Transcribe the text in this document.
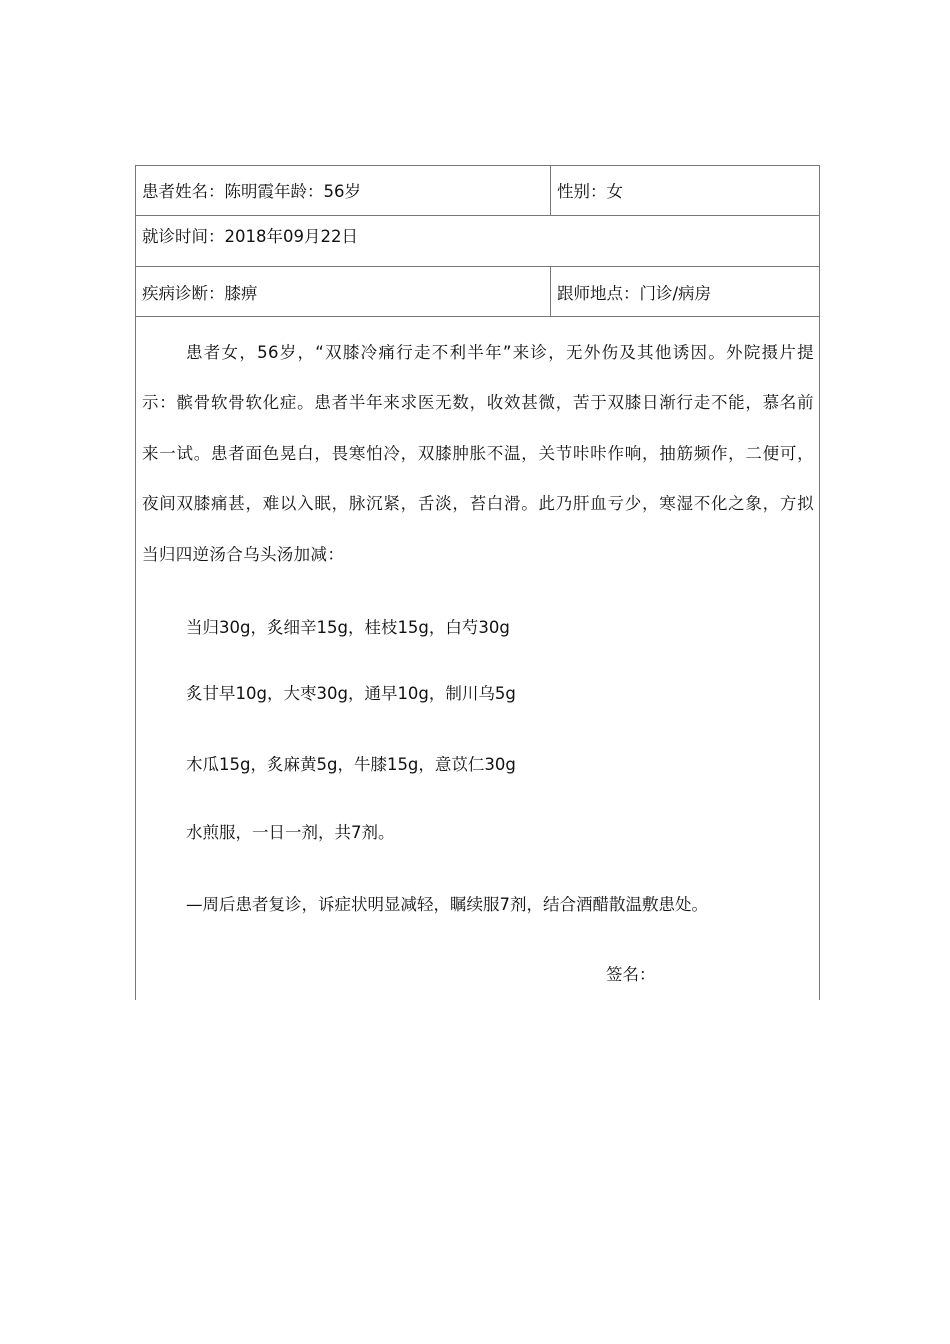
患者姓名：陈明霞年龄：56岁	性别：女
就诊时间：2018年09月22日
疾病诊断：膝痹	跟师地点：门诊/病房
患者女，56岁，“双膝冷痛行走不利半年”来诊，无外伤及其他诱因。外院摄片提示：髌骨软骨软化症。患者半年来求医无数，收效甚微，苦于双膝日渐行走不能，慕名前来一试。患者面色晃白，畏寒怕冷，双膝肿胀不温，关节咔咔作响，抽筋频作，二便可，夜间双膝痛甚，难以入眠，脉沉紧，舌淡，苔白滑。此乃肝血亏少，寒湿不化之象，方拟当归四逆汤合乌头汤加减：
当归30g，炙细辛15g，桂枝15g，白芍30g
炙甘早10g，大枣30g，通早10g，制川乌5g
木瓜15g，炙麻黄5g，牛膝15g，意苡仁30g
水煎服，一日一剂，共7剂。
—周后患者复诊，诉症状明显减轻，瞩续服7剂，结合酒醋散温敷患处。
签名：
